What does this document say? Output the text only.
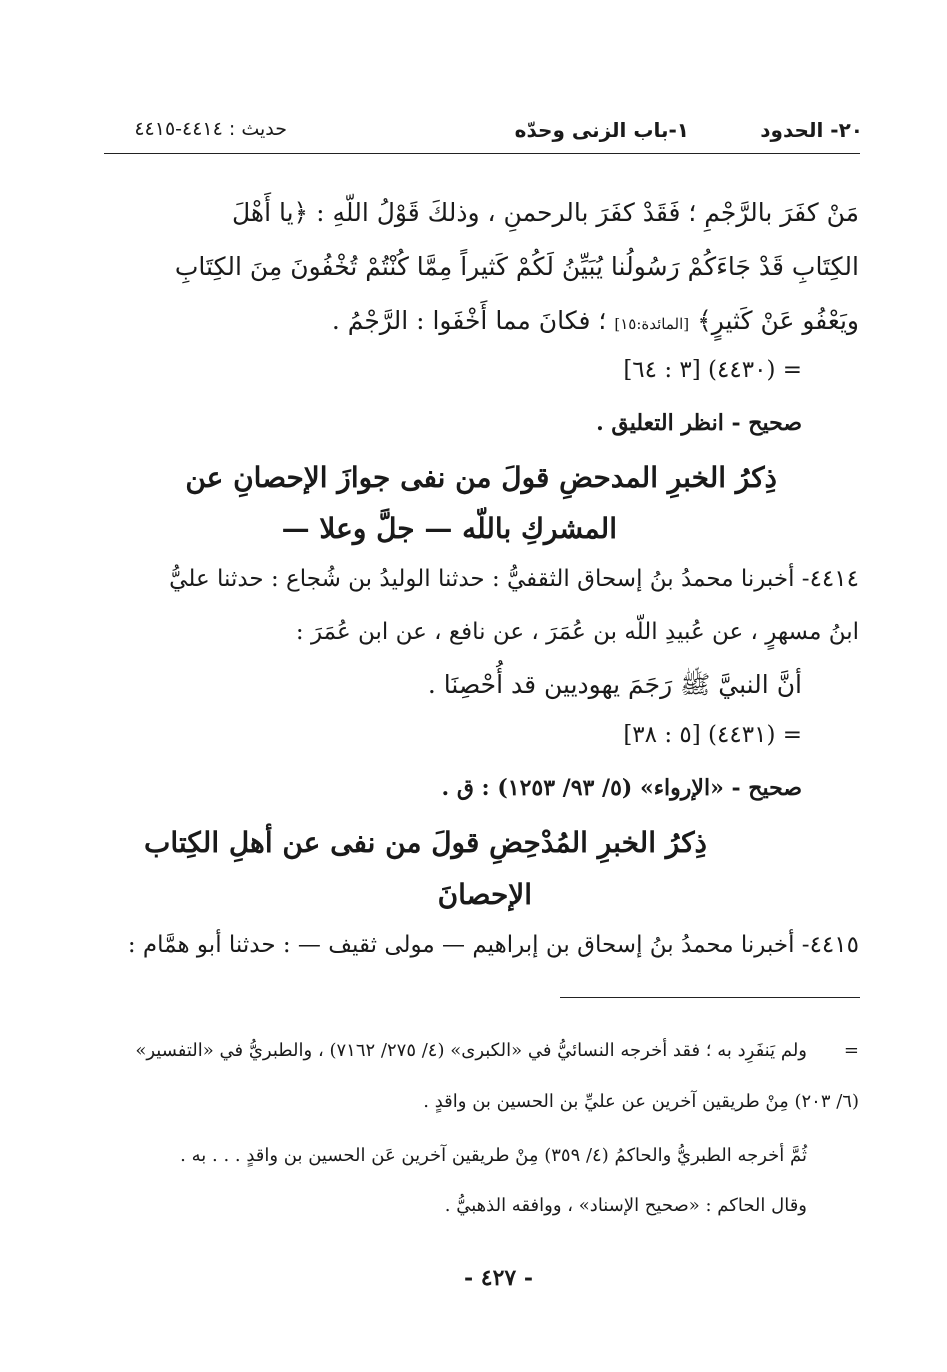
٢٠- الحدود
١-باب الزنى وحدّه
حديث : ٤٤١٤-٤٤١٥
مَنْ كفَرَ بالرَّجْمِ ؛ فَقَدْ كفَرَ بالرحمنِ ، وذلكَ قَوْلُ اللّهِ : ﴿يا أَهْلَ
الكِتَابِ قَدْ جَاءَكُمْ رَسُولُنا يُبَيِّنُ لَكُمْ كَثيراً مِمَّا كُنْتُمْ تُخْفُونَ مِنَ الكِتَابِ
ويَعْفُو عَنْ كَثيرٍ﴾ [المائدة:١٥] ؛ فكانَ مما أَخْفَوا : الرَّجْمُ .
= (٤٤٣٠) [٣ : ٦٤]
صحيح - انظر التعليق .
ذِكرُ الخبرِ المدحضِ قولَ من نفى جوازَ الإحصانِ عن
المشركِ باللّه — جلَّ وعلا —
٤٤١٤- أخبرنا محمدُ بنُ إسحاق الثقفيُّ : حدثنا الوليدُ بن شُجاع : حدثنا عليُّ
ابنُ مسهرٍ ، عن عُبيدِ اللّه بن عُمَرَ ، عن نافع ، عن ابن عُمَرَ :
أنَّ النبيَّ ﷺ رَجَمَ يهوديين قد أُحْصِنَا .
= (٤٤٣١) [٥ : ٣٨]
صحيح - «الإرواء» (٥/ ٩٣/ ١٢٥٣) : ق .
ذِكرُ الخبرِ المُدْحِضِ قولَ من نفى عن أهلِ الكِتاب
الإحصانَ
٤٤١٥- أخبرنا محمدُ بنُ إسحاق بن إبراهيم — مولى ثقيف — : حدثنا أبو همَّام :
=
ولم يَنفَرِد به ؛ فقد أخرجه النسائيُّ في «الكبرى» (٤/ ٢٧٥/ ٧١٦٢) ، والطبريُّ في «التفسير»
(٦/ ٢٠٣) مِنْ طريقين آخرين عن عليِّ بن الحسين بن واقدٍ .
ثُمَّ أخرجه الطبريُّ والحاكمُ (٤/ ٣٥٩) مِنْ طريقين آخرين عَن الحسين بن واقدٍ . . . به .
وقال الحاكم : «صحيح الإسناد» ، ووافقه الذهبيُّ .
- ٤٢٧ -
